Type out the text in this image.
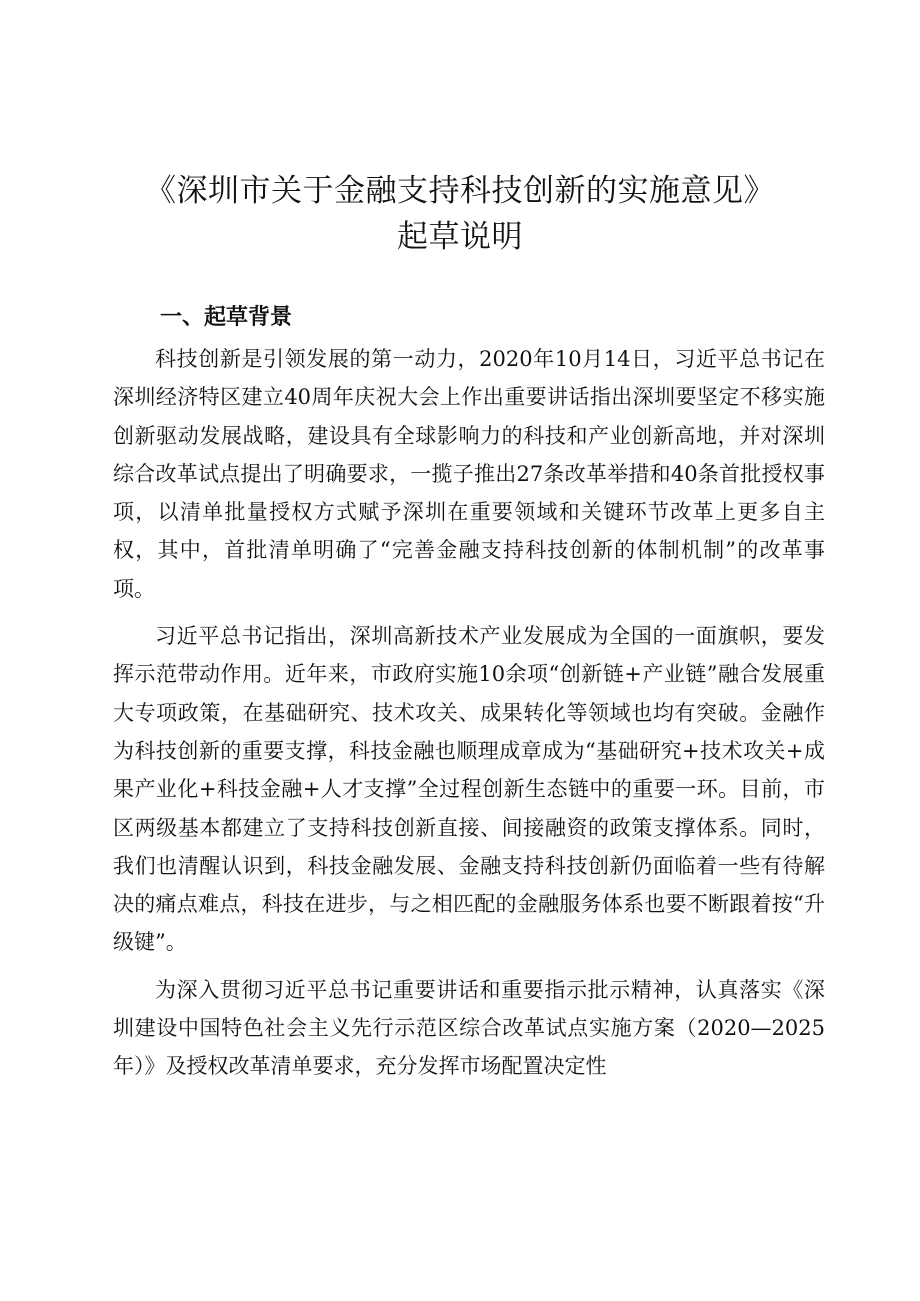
《深圳市关于金融支持科技创新的实施意见》
起草说明
一、起草背景

科技创新是引领发展的第一动力，2020年10月14日，习近平总书记在深圳经济特区建立40周年庆祝大会上作出重要讲话指出深圳要坚定不移实施创新驱动发展战略，建设具有全球影响力的科技和产业创新高地，并对深圳综合改革试点提出了明确要求，一揽子推出27条改革举措和40条首批授权事项，以清单批量授权方式赋予深圳在重要领域和关键环节改革上更多自主权，其中，首批清单明确了“完善金融支持科技创新的体制机制”的改革事项。

习近平总书记指出，深圳高新技术产业发展成为全国的一面旗帜，要发挥示范带动作用。近年来，市政府实施10余项“创新链+产业链”融合发展重大专项政策，在基础研究、技术攻关、成果转化等领域也均有突破。金融作为科技创新的重要支撑，科技金融也顺理成章成为“基础研究+技术攻关+成果产业化+科技金融+人才支撑”全过程创新生态链中的重要一环。目前，市区两级基本都建立了支持科技创新直接、间接融资的政策支撑体系。同时，我们也清醒认识到，科技金融发展、金融支持科技创新仍面临着一些有待解决的痛点难点，科技在进步，与之相匹配的金融服务体系也要不断跟着按“升级键”。

为深入贯彻习近平总书记重要讲话和重要指示批示精神，认真落实《深圳建设中国特色社会主义先行示范区综合改革试点实施方案（2020—2025年）》及授权改革清单要求，充分发挥市场配置决定性
